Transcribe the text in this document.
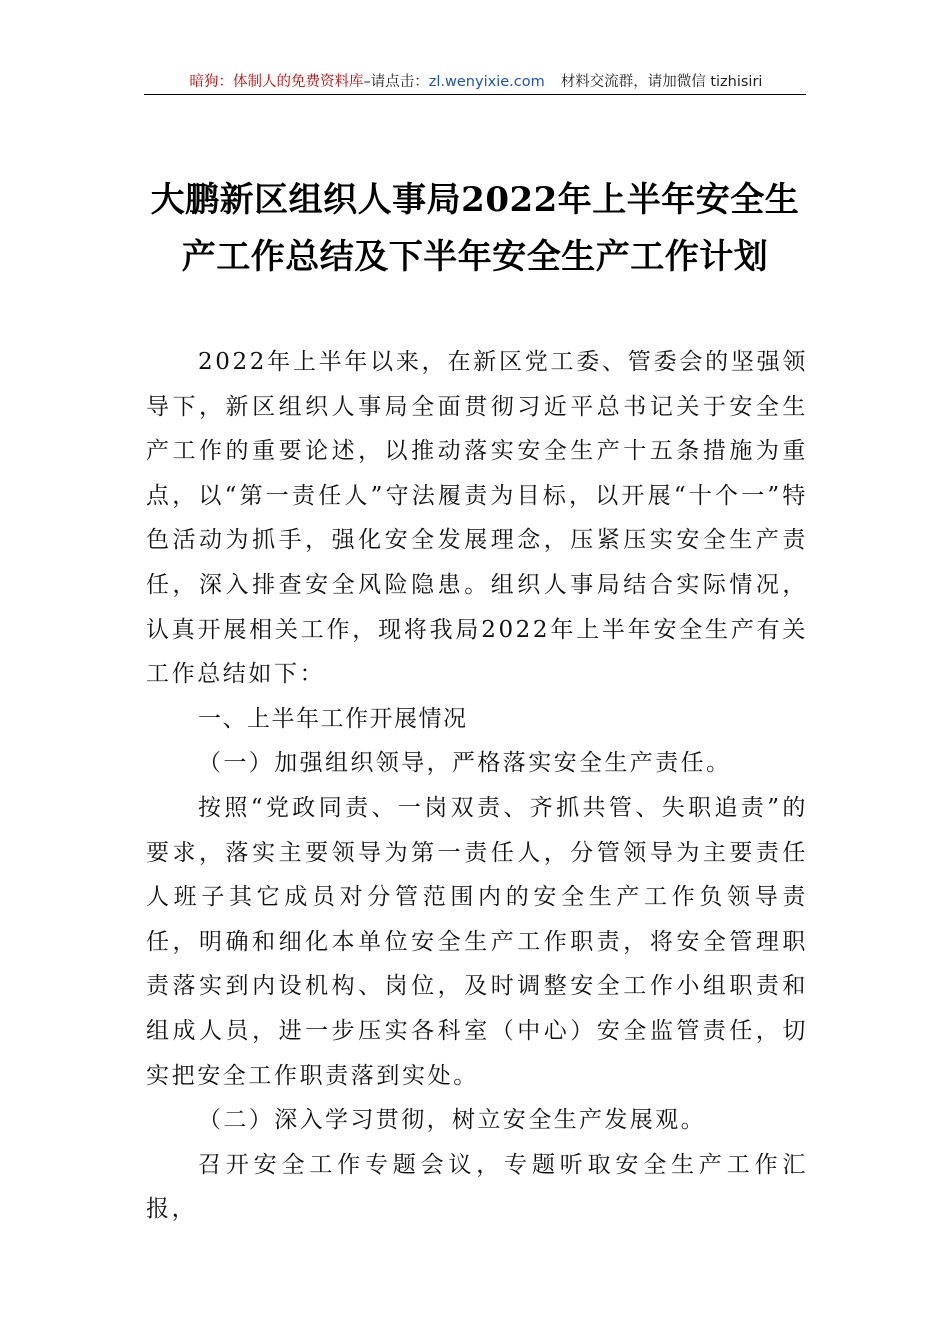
暗狗：体制人的免费资料库–请点击：zl.wenyixie.com 材料交流群，请加微信 tizhisiri
大鹏新区组织人事局2022年上半年安全生
产工作总结及下半年安全生产工作计划

2022年上半年以来，在新区党工委、管委会的坚强领导下，新区组织人事局全面贯彻习近平总书记关于安全生产工作的重要论述，以推动落实安全生产十五条措施为重点，以“第一责任人”守法履责为目标，以开展“十个一”特色活动为抓手，强化安全发展理念，压紧压实安全生产责任，深入排查安全风险隐患。组织人事局结合实际情况，认真开展相关工作，现将我局2022年上半年安全生产有关工作总结如下：

一、上半年工作开展情况

（一）加强组织领导，严格落实安全生产责任。

按照“党政同责、一岗双责、齐抓共管、失职追责”的要求，落实主要领导为第一责任人，分管领导为主要责任人班子其它成员对分管范围内的安全生产工作负领导责任，明确和细化本单位安全生产工作职责，将安全管理职责落实到内设机构、岗位，及时调整安全工作小组职责和组成人员，进一步压实各科室（中心）安全监管责任，切实把安全工作职责落到实处。

（二）深入学习贯彻，树立安全生产发展观。

召开安全工作专题会议，专题听取安全生产工作汇报，
